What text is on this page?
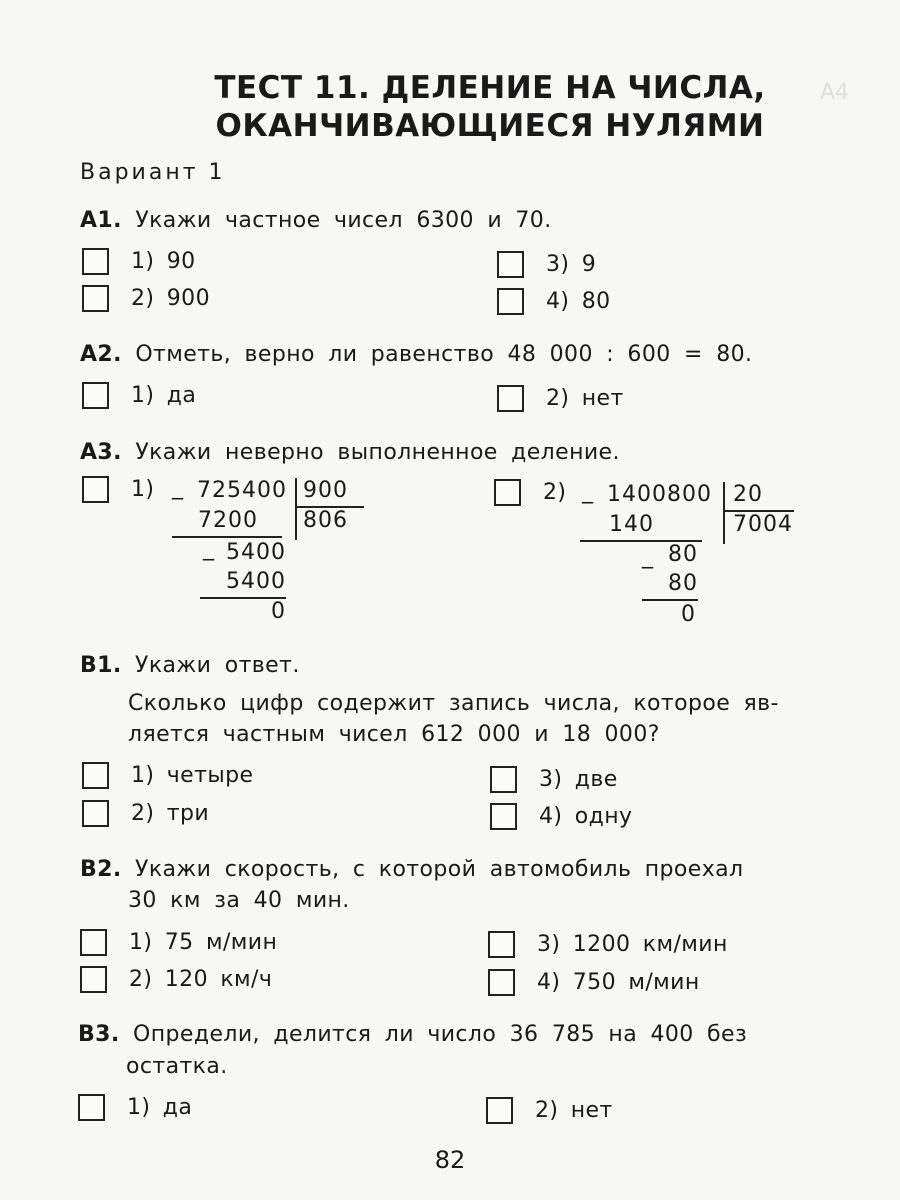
А4
ТЕСТ 11. ДЕЛЕНИЕ НА ЧИСЛА,
ОКАНЧИВАЮЩИЕСЯ НУЛЯМИ
Вариант 1
А1. Укажи частное чисел 6300 и 70.
1) 90
2) 900
3) 9
4) 80
А2. Отметь, верно ли равенство 48 000 : 600 = 80.
1) да	2) нет
А3. Укажи неверно выполненное деление.
1) _ 725400 900
806
7200
_ 5400
5400
0
2) _ 1400800 20
7004
140
_ 80
80
0
В1. Укажи ответ.
Сколько цифр содержит запись числа, которое яв-
ляется частным чисел 612 000 и 18 000?
1) четыре
2) три
3) две
4) одну
В2. Укажи скорость, с которой автомобиль проехал
30 км за 40 мин.
1) 75 м/мин
2) 120 км/ч
3) 1200 км/мин
4) 750 м/мин
В3. Определи, делится ли число 36 785 на 400 без
остатка.
1) да	2) нет
82
